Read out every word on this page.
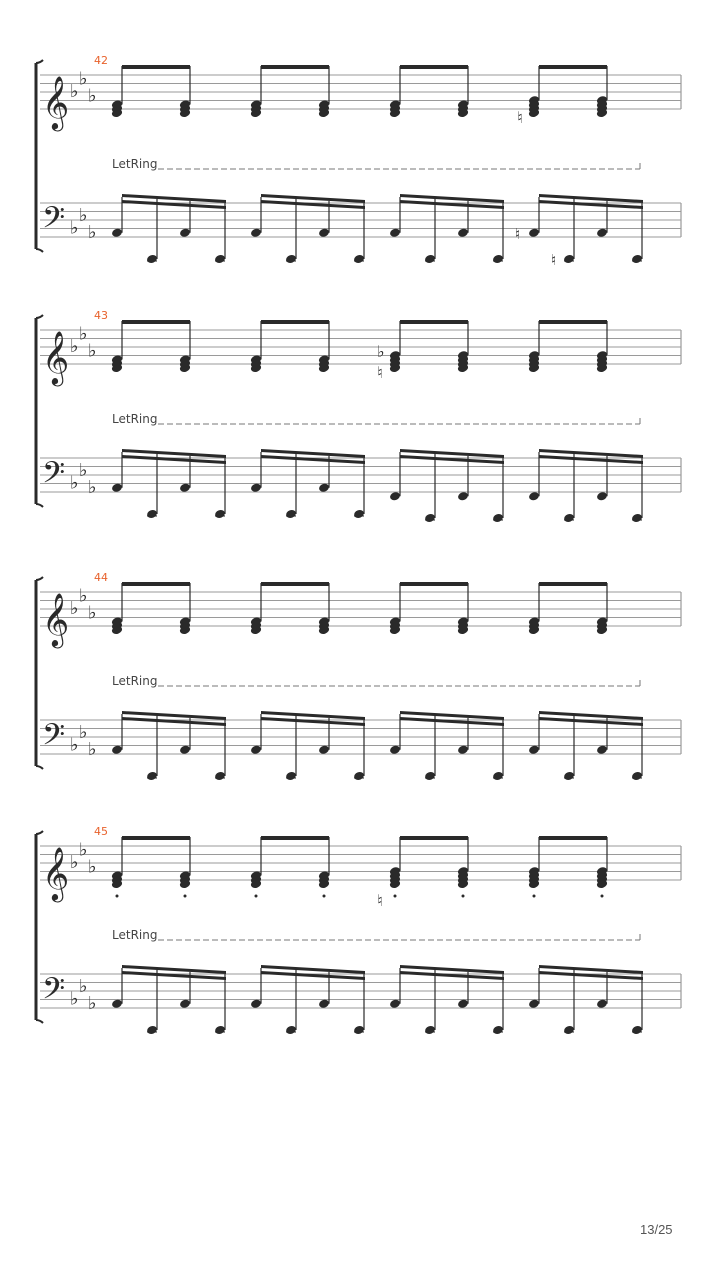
𝄞
𝄢
♭
♭
♭
♭
♭
♭
42
♮
LetRing
♮
♮
𝄞
𝄢
♭
♭
♭
♭
♭
♭
43
♭
♮
LetRing
𝄞
𝄢
♭
♭
♭
♭
♭
♭
44
LetRing
𝄞
𝄢
♭
♭
♭
♭
♭
♭
45
♮
LetRing
13/25
